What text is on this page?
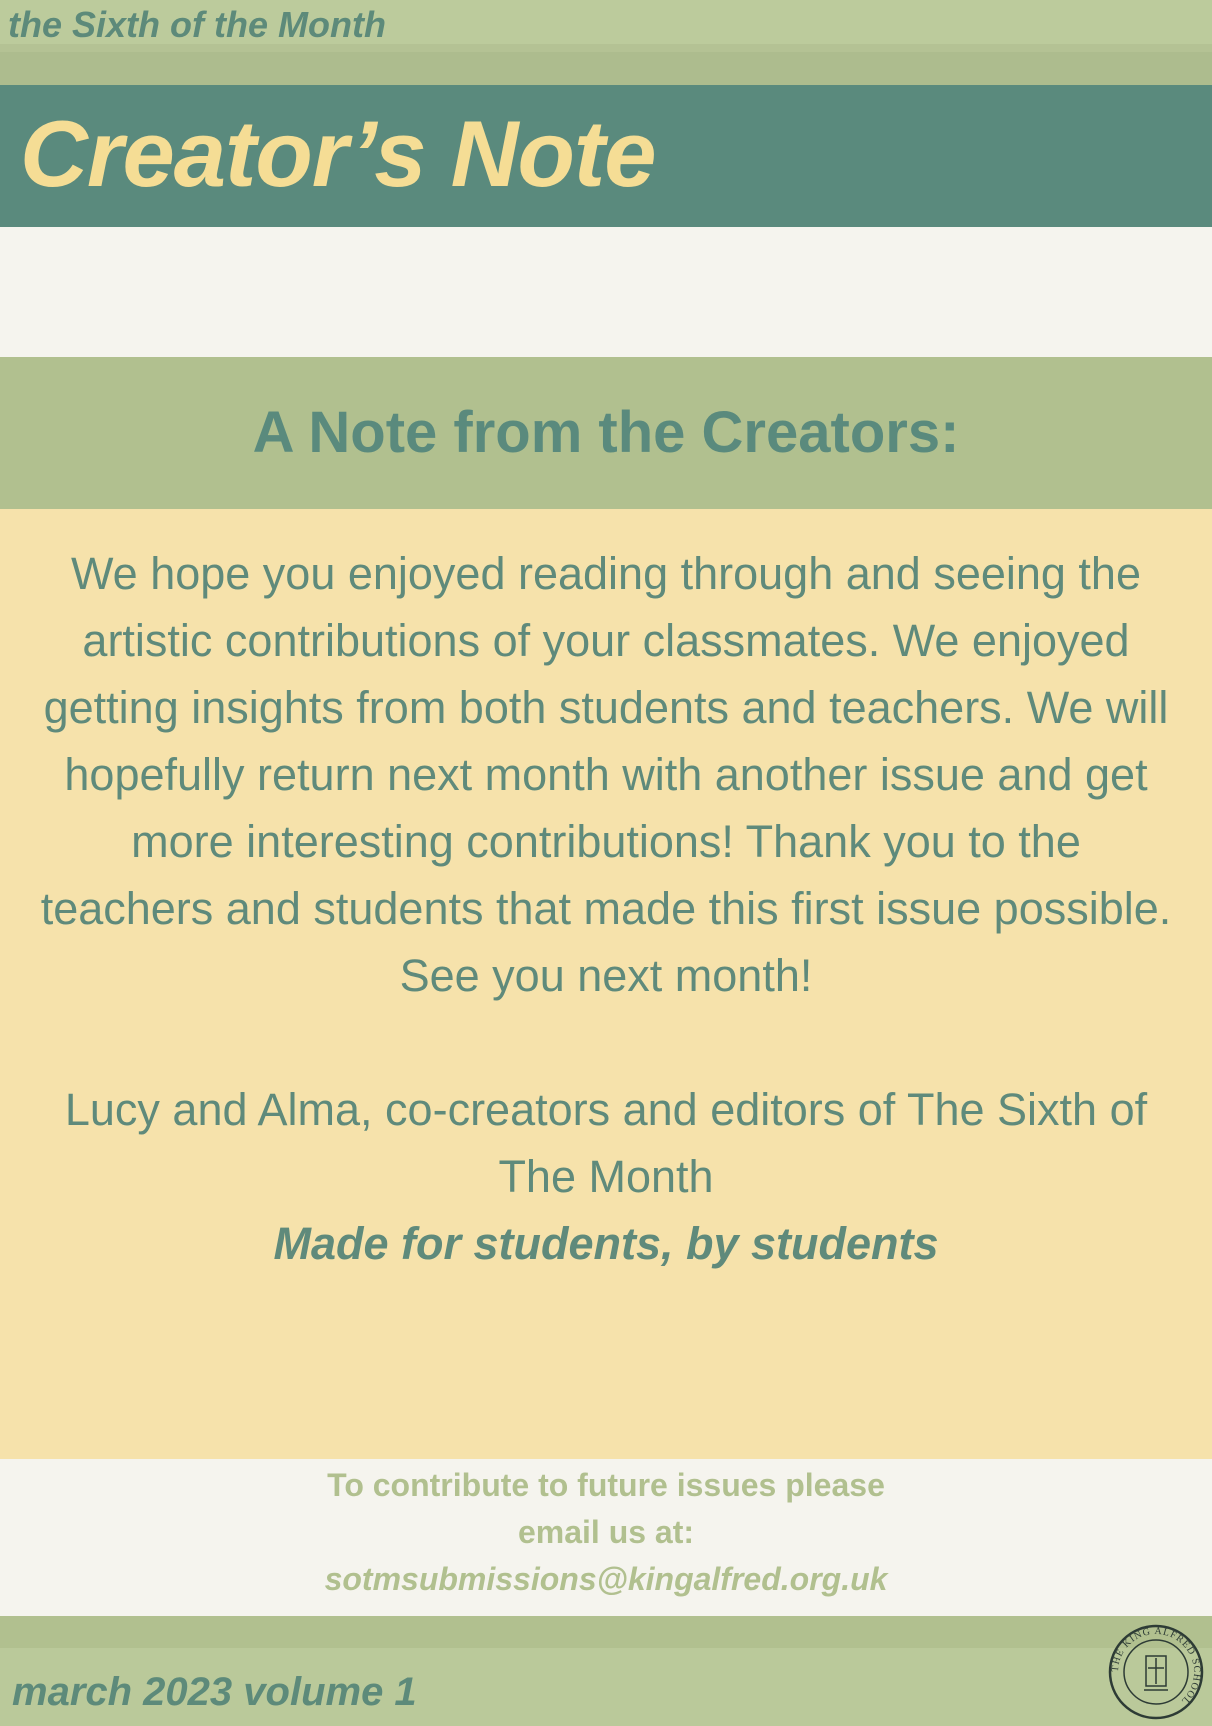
the Sixth of the Month

Creator’s Note
A Note from the Creators:

We hope you enjoyed reading through and seeing the artistic contributions of your classmates. We enjoyed getting insights from both students and teachers. We will hopefully return next month with another issue and get more interesting contributions! Thank you to the teachers and students that made this first issue possible.

See you next month!

Lucy and Alma, co-creators and editors of The Sixth of The Month

Made for students, by students

To contribute to future issues please

email us at:

sotmsubmissions@kingalfred.org.uk

march 2023 volume 1

THE KING ALFRED SCHOOL
